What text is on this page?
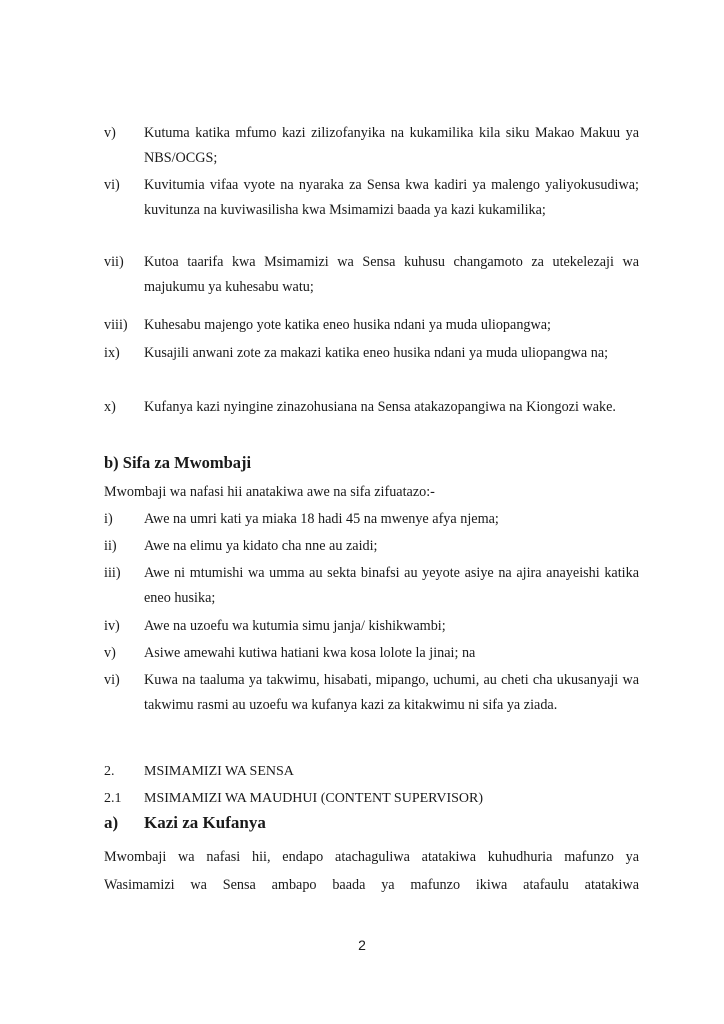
v) Kutuma katika mfumo kazi zilizofanyika na kukamilika kila siku Makao Makuu ya NBS/OCGS;
vi) Kuvitumia vifaa vyote na nyaraka za Sensa kwa kadiri ya malengo yaliyokusudiwa; kuvitunza na kuviwasilisha kwa Msimamizi baada ya kazi kukamilika;
vii) Kutoa taarifa kwa Msimamizi wa Sensa kuhusu changamoto za utekelezaji wa majukumu ya kuhesabu watu;
viii) Kuhesabu majengo yote katika eneo husika ndani ya muda uliopangwa;
ix) Kusajili anwani zote za makazi katika eneo husika ndani ya muda uliopangwa na;
x) Kufanya kazi nyingine zinazohusiana na Sensa atakazopangiwa na Kiongozi wake.
b) Sifa za Mwombaji
Mwombaji wa nafasi hii anatakiwa awe na sifa zifuatazo:-
i) Awe na umri kati ya miaka 18 hadi 45 na mwenye afya njema;
ii) Awe na elimu ya kidato cha nne au zaidi;
iii) Awe ni mtumishi wa umma au sekta binafsi au yeyote asiye na ajira anayeishi katika eneo husika;
iv) Awe na uzoefu wa kutumia simu janja/ kishikwambi;
v) Asiwe amewahi kutiwa hatiani kwa kosa lolote la jinai; na
vi) Kuwa na taaluma ya takwimu, hisabati, mipango, uchumi, au cheti cha ukusanyaji wa takwimu rasmi au uzoefu wa kufanya kazi za kitakwimu ni sifa ya ziada.
2. MSIMAMIZI WA SENSA
2.1 MSIMAMIZI WA MAUDHUI (CONTENT SUPERVISOR)
a) Kazi za Kufanya
Mwombaji wa nafasi hii, endapo atachaguliwa atatakiwa kuhudhuria mafunzo ya
Wasimamizi wa Sensa ambapo baada ya mafunzo ikiwa atafaulu atatakiwa
2
